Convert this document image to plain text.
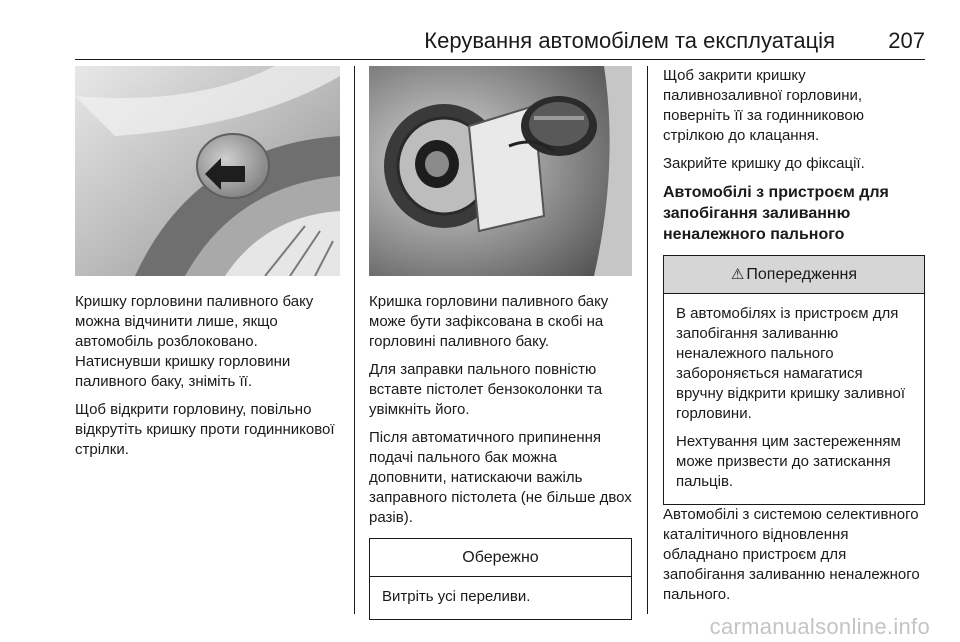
Керування автомобілем та експлуатація 207

Кришку горловини паливного баку можна відчинити лише, якщо автомобіль розблоковано. Натиснувши кришку горловини паливного баку, зніміть її.

Щоб відкрити горловину, повільно відкрутіть кришку проти годинникової стрілки.

Кришка горловини паливного баку може бути зафіксована в скобі на горловині паливного баку.

Для заправки пального повністю вставте пістолет бензоколонки та увімкніть його.

Після автоматичного припинення подачі пального бак можна доповнити, натискаючи важіль заправного пістолета (не більше двох разів).

Обережно

Витріть усі переливи.

Щоб закрити кришку паливнозаливної горловини, поверніть її за годинниковою стрілкою до клацання.

Закрийте кришку до фіксації.

Автомобілі з пристроєм для запобігання заливанню неналежного пального
⚠ Попередження

В автомобілях із пристроєм для запобігання заливанню неналежного пального забороняється намагатися вручну відкрити кришку заливної горловини.

Нехтування цим застереженням може призвести до затискання пальців.

Автомобілі з системою селективного каталітичного відновлення обладнано пристроєм для запобігання заливанню неналежного пального.

carmanualsonline.info
